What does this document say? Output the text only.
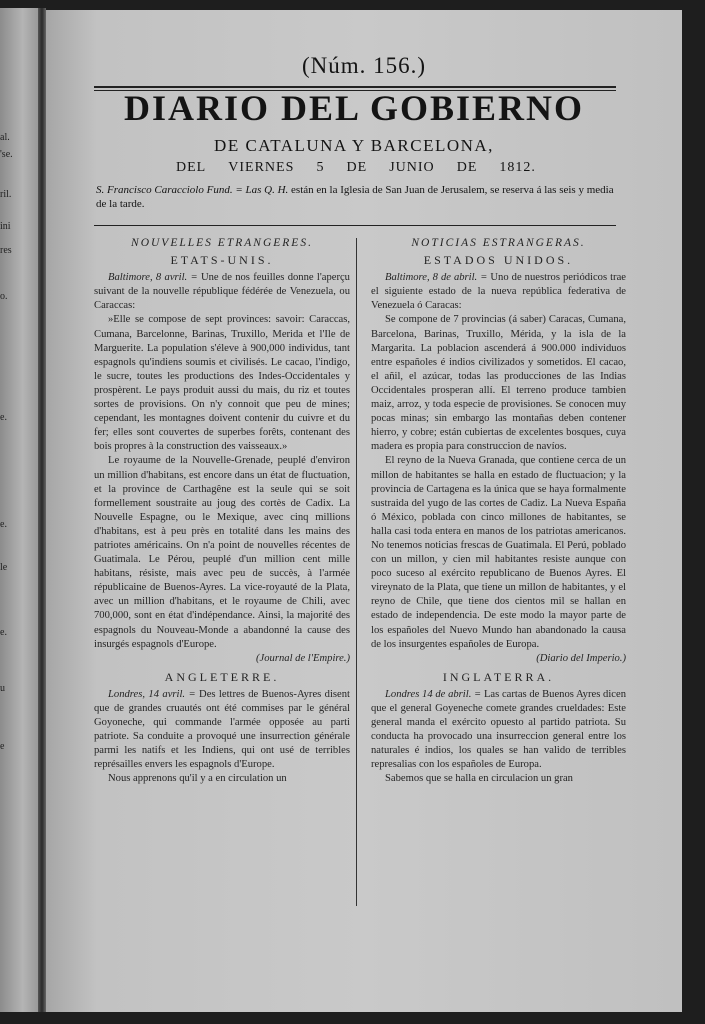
al.
'se.
ril.
ini
res
o.
e.
e.
le
e.
u
e
(Núm. 156.)
DIARIO DEL GOBIERNO
DE CATALUNA Y BARCELONA,
DEL VIERNES 5 DE JUNIO DE 1812.
S. Francisco Caracciolo Fund. = Las Q. H. están en la Iglesia de San Juan de Jerusalem, se reserva á las seis y media de la tarde.
NOUVELLES ETRANGERES.
ETATS-UNIS.
Baltimore, 8 avril. = Une de nos feuilles donne l'aperçu suivant de la nouvelle république fédérée de Venezuela, ou Caraccas:
»Elle se compose de sept provinces: savoir: Caraccas, Cumana, Barcelonne, Barinas, Truxillo, Merida et l'Ile de Marguerite. La population s'éleve à 900,000 individus, tant espagnols qu'indiens soumis et civilisés. Le cacao, l'indigo, le sucre, toutes les productions des Indes-Occidentales y prospèrent. Le pays produit aussi du mais, du riz et toutes sortes de provisions. On n'y connoit que peu de mines; cependant, les montagnes doivent contenir du cuivre et du fer; elles sont couvertes de superbes forêts, contenant des bois propres à la construction des vaisseaux.»
Le royaume de la Nouvelle-Grenade, peuplé d'environ un million d'habitans, est encore dans un état de fluctuation, et la province de Carthagêne est la seule qui se soit formellement soustraite au joug des cortès de Cadix. La Nouvelle Espagne, ou le Mexique, avec cinq millions d'habitans, est à peu près en totalité dans les mains des patriotes américains. On n'a point de nouvelles récentes de Guatimala. Le Pérou, peuplé d'un million cent mille habitans, résiste, mais avec peu de succès, à l'armée républicaine de Buenos-Ayres. La vice-royauté de la Plata, avec un million d'habitans, et le royaume de Chili, avec 700,000, sont en état d'indépendance. Ainsi, la majorité des espagnols du Nouveau-Monde a abandonné la cause des insurgés espagnols d'Europe.
(Journal de l'Empire.)
ANGLETERRE.
Londres, 14 avril. = Des lettres de Buenos-Ayres disent que de grandes cruautés ont été commises par le général Goyoneche, qui commande l'armée opposée au parti patriote. Sa conduite a provoqué une insurrection générale parmi les natifs et les Indiens, qui ont usé de terribles représailles envers les espagnols d'Europe.
Nous apprenons qu'il y a en circulation un
NOTICIAS ESTRANGERAS.
ESTADOS UNIDOS.
Baltimore, 8 de abril. = Uno de nuestros periódicos trae el siguiente estado de la nueva república federativa de Venezuela ó Caracas:
Se compone de 7 provincias (á saber) Caracas, Cumana, Barcelona, Barinas, Truxillo, Mérida, y la isla de la Margarita. La poblacion ascenderá á 900.000 individuos entre españoles é indios civilizados y sometidos. El cacao, el añil, el azúcar, todas las producciones de las Indias Occidentales prosperan allí. El terreno produce tambien maiz, arroz, y toda especie de provisiones. Se conocen muy pocas minas; sin embargo las montañas deben contener hierro, y cobre; están cubiertas de excelentes bosques, cuya madera es propia para construccion de navíos.
El reyno de la Nueva Granada, que contiene cerca de un millon de habitantes se halla en estado de fluctuacion; y la provincia de Cartagena es la única que se haya formalmente sustraida del yugo de las cortes de Cadiz. La Nueva España ó México, poblada con cinco millones de habitantes, se halla casi toda entera en manos de los patriotas americanos. No tenemos noticias frescas de Guatimala. El Perú, poblado con un millon, y cien mil habitantes resiste aunque con poco suceso al exército republicano de Buenos Ayres. El vireynato de la Plata, que tiene un millon de habitantes, y el reyno de Chile, que tiene dos cientos mil se hallan en estado de independencia. De este modo la mayor parte de los españoles del Nuevo Mundo han abandonado la causa de los insurgentes españoles de Europa.
(Diario del Imperio.)
INGLATERRA.
Londres 14 de abril. = Las cartas de Buenos Ayres dicen que el general Goyeneche comete grandes crueldades: Este general manda el exército opuesto al partido patriota. Su conducta ha provocado una insurreccion general entre los naturales é indios, los quales se han valido de terribles represalias con los españoles de Europa.
Sabemos que se halla en circulacion un gran
